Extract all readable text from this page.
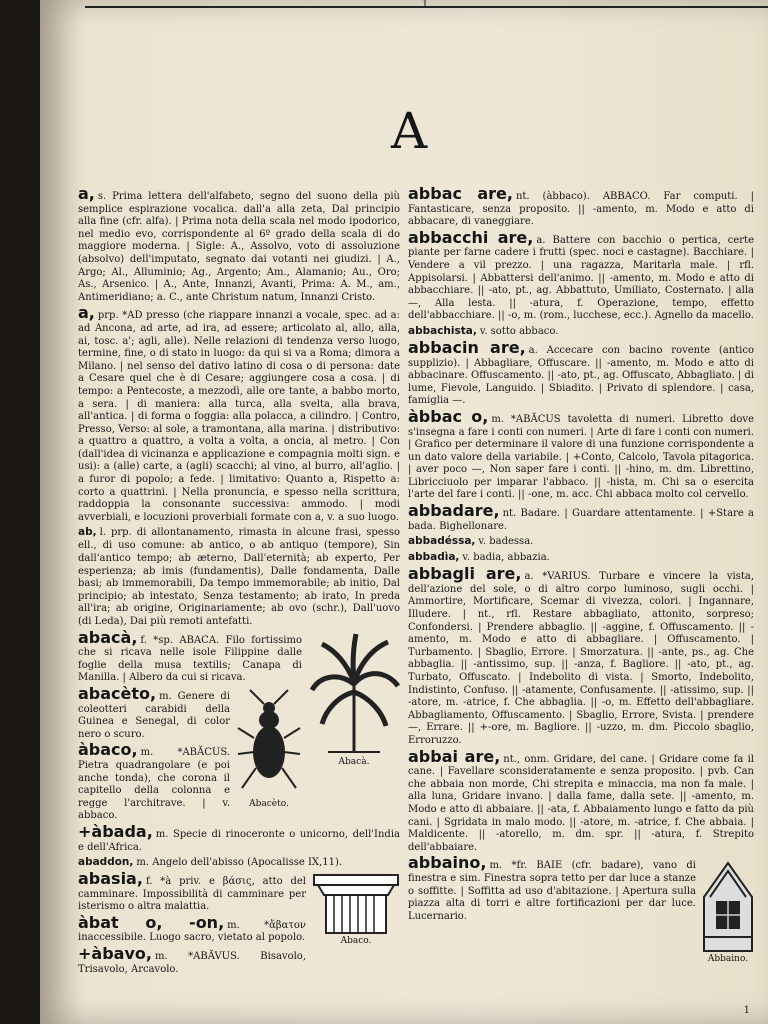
I
A

a, s. Prima lettera dell'alfabeto, segno del suono della più semplice espirazione vocalica. dall'a alla zeta, Dal principio alla fine (cfr. alfa). | Prima nota della scala nel modo ipodorico, nel medio evo, corrispondente al 6º grado della scala di do maggiore moderna. | Sigle: A., Assolvo, voto di assoluzione (absolvo) dell'imputato, segnato dai votanti nei giudizi. | A., Argo; Al., Alluminio; Ag., Argento; Am., Alamanio; Au., Oro; As., Arsenico. | A., Ante, Innanzi, Avanti, Prima: A. M., am., Antimeridiano; a. C., ante Christum natum, Innanzi Cristo.

a, prp. *AD presso (che riappare innanzi a vocale, spec. ad a: ad Ancona, ad arte, ad ira, ad essere; articolato al, allo, alla, ai, tosc. a'; agli, alle). Nelle relazioni di tendenza verso luogo, termine, fine, o di stato in luogo: da qui si va a Roma; dimora a Milano. | nel senso del dativo latino di cosa o di persona: date a Cesare quel che è di Cesare; aggiungere cosa a cosa. | di tempo: a Pentecoste, a mezzodì, alle ore tante, a babbo morto, a sera. | di maniera: alla turca, alla svelta, alla brava, all'antica. | di forma o foggia: alla polacca, a cilindro. | Contro, Presso, Verso: al sole, a tramontana, alla marina. | distributivo: a quattro a quattro, a volta a volta, a oncia, al metro. | Con (dall'idea di vicinanza e applicazione e compagnia molti sign. e usi): a (alle) carte, a (agli) scacchi; al vino, al burro, all'aglio. | a furor di popolo; a fede. | limitativo: Quanto a, Rispetto a: corto a quattrini. | Nella pronuncia, e spesso nella scrittura, raddoppia la consonante successiva: ammodo. | modi avverbiali, e locuzioni proverbiali formate con a, v. a suo luogo.

ab, l. prp. di allontanamento, rimasta in alcune frasi, spesso ell., di uso comune: ab antico, o ab antiquo (tempore), Sin dall'antico tempo; ab æterno, Dall'eternità; ab experto, Per esperienza; ab imis (fundamentis), Dalle fondamenta, Dalle basi; ab immemorabili, Da tempo immemorabile; ab initio, Dal principio; ab intestato, Senza testamento; ab irato, In preda all'ira; ab origine, Originariamente; ab ovo (schr.), Dall'uovo (di Leda), Dai più remoti antefatti.

Abacà.

abacà, f. *sp. ABACA. Filo fortissimo che si ricava nelle isole Filippine dalle foglie della musa textilis; Canapa di Manilla. | Albero da cui si ricava.

Abacèto.

abacèto, m. Genere di coleotteri carabidi della Guinea e Senegal, di color nero o scuro.

àbaco, m. *ABĂCUS. Pietra quadrangolare (e poi anche tonda), che corona il capitello della colonna e regge l'architrave. | v. abbaco.

+àbada, m. Specie di rinoceronte o unicorno, dell'India e dell'Africa.

abaddon, m. Angelo dell'abisso (Apocalisse IX,11).

Abaco.

abasia, f. *à priv. e βάσις, atto del camminare. Impossibilità di camminare per isterismo o altra malattia.

àbat o, -on, m. *ἄβατον inaccessibile. Luogo sacro, vietato al popolo.

+àbavo, m. *ABĂVUS. Bisavolo, Trisavolo, Arcavolo.

abbac are, nt. (àbbaco). ABBACO. Far computi. | Fantasticare, senza proposito. || -amento, m. Modo e atto di abbacare, di vaneggiare.

abbacchi are, a. Battere con bacchio o pertica, certe piante per farne cadere i frutti (spec. noci e castagne). Bacchiare. | Vendere a vil prezzo. | una ragazza, Maritarla male. | rfl. Appisolarsi. | Abbattersi dell'animo. || -amento, m. Modo e atto di abbacchiare. || -ato, pt., ag. Abbattuto, Umiliato, Costernato. | alla —, Alla lesta. || -atura, f. Operazione, tempo, effetto dell'abbacchiare. || -o, m. (rom., lucchese, ecc.). Agnello da macello.

abbachista, v. sotto abbaco.

abbacin are, a. Accecare con bacino rovente (antico supplizio). | Abbagliare, Offuscare. || -amento, m. Modo e atto di abbacinare. Offuscamento. || -ato, pt., ag. Offuscato, Abbagliato. | di lume, Fievole, Languido. | Sbiadito. | Privato di splendore. | casa, famiglia —.

àbbac o, m. *ABĂCUS tavoletta di numeri. Libretto dove s'insegna a fare i conti con numeri. | Arte di fare i conti con numeri. | Grafico per determinare il valore di una funzione corrispondente a un dato valore della variabile. | +Conto, Calcolo, Tavola pitagorica. | aver poco —, Non saper fare i conti. || -hino, m. dm. Librettino, Libricciuolo per imparar l'abbaco. || -hista, m. Chi sa o esercita l'arte del fare i conti. || -one, m. acc. Chi abbaca molto col cervello.

abbadare, nt. Badare. | Guardare attentamente. | +Stare a bada. Bighellonare.

abbadéssa, v. badessa.

abbadìa, v. badia, abbazia.

abbagli are, a. *VARIUS. Turbare e vincere la vista, dell'azione del sole, o di altro corpo luminoso, sugli occhi. | Ammortire, Mortificare, Scemar di vivezza, colori. | Ingannare, Illudere. | nt., rfl. Restare abbagliato, attonito, sorpreso; Confondersi. | Prendere abbaglio. || -aggine, f. Offuscamento. || -amento, m. Modo e atto di abbagliare. | Offuscamento. | Turbamento. | Sbaglio, Errore. | Smorzatura. || -ante, ps., ag. Che abbaglia. || -antissimo, sup. || -anza, f. Bagliore. || -ato, pt., ag. Turbato, Offuscato. | Indebolito di vista. | Smorto, Indebolito, Indistinto, Confuso. || -atamente, Confusamente. || -atissimo, sup. || -atore, m. -atrice, f. Che abbaglia. || -o, m. Effetto dell'abbagliare. Abbagliamento, Offuscamento. | Sbaglio, Errore, Svista. | prendere —, Errare. || +-ore, m. Bagliore. || -uzzo, m. dm. Piccolo sbaglio, Erroruzzo.

abbai are, nt., onm. Gridare, del cane. | Gridare come fa il cane. | Favellare sconsideratamente e senza proposito. | pvb. Can che abbaia non morde, Chi strepita e minaccia, ma non fa male. | alla luna, Gridare invano. | dalla fame, dalla sete. || -amento, m. Modo e atto di abbaiare. || -ata, f. Abbaiamento lungo e fatto da più cani. | Sgridata in malo modo. || -atore, m. -atrice, f. Che abbaia. | Maldicente. || -atorello, m. dm. spr. || -atura, f. Strepito dell'abbaiare.

Abbaino.

abbaino, m. *fr. BAIE (cfr. badare), vano di finestra e sim. Finestra sopra tetto per dar luce a stanze o soffitte. | Soffitta ad uso d'abitazione. | Apertura sulla piazza alta di torri e altre fortificazioni per dar luce. Lucernario.

1
